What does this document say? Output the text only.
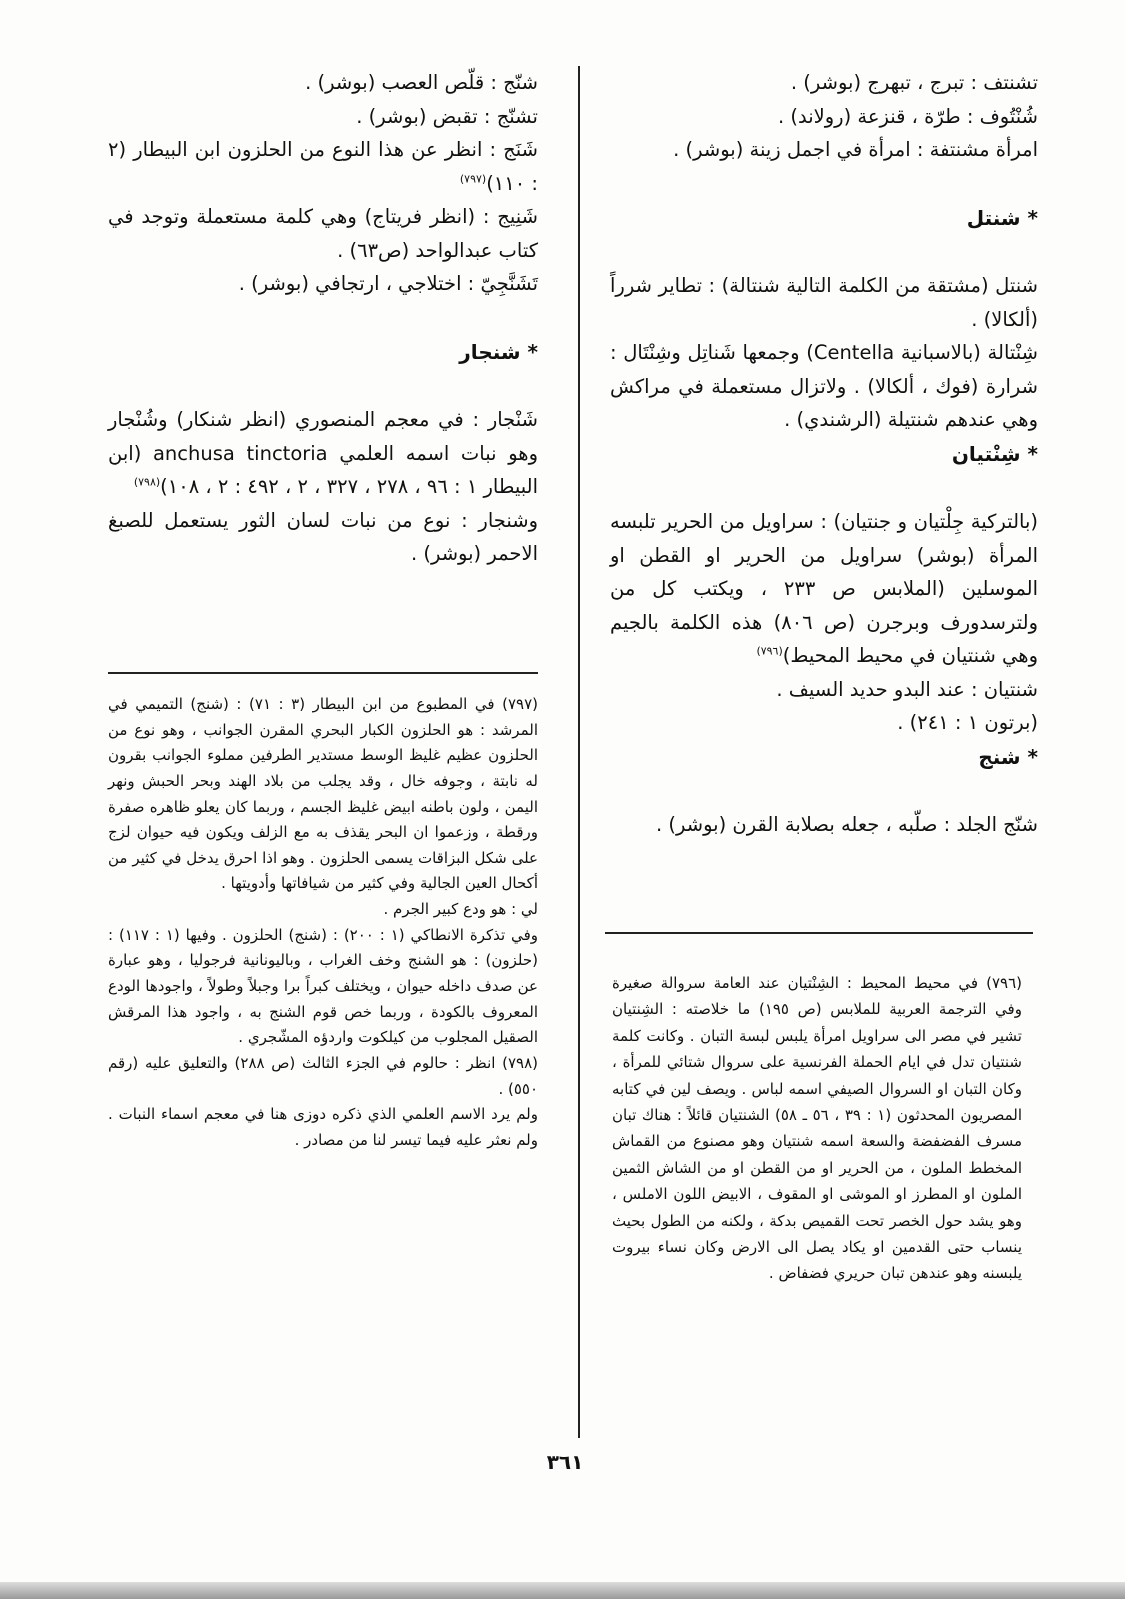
تشنتف : تبرج ، تبهرج (بوشر) .

شُنْتُوف : طرّة ، قنزعة (رولاند) .

امرأة مشنتفة : امرأة في اجمل زينة (بوشر) .

* شنتل

شنتل (مشتقة من الكلمة التالية شنتالة) : تطاير شرراً (ألكالا) .

شِنْتالة (بالاسبانية Centella) وجمعها شَناتِل وشِنْتَال : شرارة (فوك ، ألكالا) . ولاتزال مستعملة في مراكش وهي عندهم شنتيلة (الرشندي) .

* شِنْتيان

(بالتركية جِلْتيان و جنتيان) : سراويل من الحرير تلبسه المرأة (بوشر) سراويل من الحرير او القطن او الموسلين (الملابس ص ٢٣٣ ، ويكتب كل من ولترسدورف وبرجرن (ص ٨٠٦) هذه الكلمة بالجيم وهي شنتيان في محيط المحيط)$^{(٧٩٦)}$

شنتيان : عند البدو حديد السيف .

(برتون ١ : ٢٤١) .

* شنج

شنّج الجلد : صلّبه ، جعله بصلابة القرن (بوشر) .

(٧٩٦) في محيط المحيط : الشِنْتيان عند العامة سروالة صغيرة وفي الترجمة العربية للملابس (ص ١٩٥) ما خلاصته : الشِنتيان تشير في مصر الى سراويل امرأة يلبس لبسة التبان . وكانت كلمة شنتيان تدل في ايام الحملة الفرنسية على سروال شتائي للمرأة ، وكان التبان او السروال الصيفي اسمه لباس . ويصف لين في كتابه المصريون المحدثون (١ : ٣٩ ، ٥٦ ـ ٥٨) الشنتيان قائلاً : هناك تبان مسرف الفضفضة والسعة اسمه شنتيان وهو مصنوع من القماش المخطط الملون ، من الحرير او من القطن او من الشاش الثمين الملون او المطرز او الموشى او المقوف ، الابيض اللون الاملس ، وهو يشد حول الخصر تحت القميص بدكة ، ولكنه من الطول بحيث ينساب حتى القدمين او يكاد يصل الى الارض وكان نساء بيروت يلبسنه وهو عندهن تبان حريري فضفاض .

شنّج : قلّص العصب (بوشر) .

تشنّج : تقبض (بوشر) .

شَنَج : انظر عن هذا النوع من الحلزون ابن البيطار (٢ : ١١٠)$^{(٧٩٧)}$

شَنِيج : (انظر فريتاج) وهي كلمة مستعملة وتوجد في كتاب عبدالواحد (ص٦٣) .

تَشَنَّجِيّ : اختلاجي ، ارتجافي (بوشر) .

* شنجار

شَنْجار : في معجم المنصوري (انظر شنكار) وشُنْجار وهو نبات اسمه العلمي anchusa tinctoria (ابن البيطار ١ : ٩٦ ، ٢٧٨ ، ٣٢٧ ، ٢ ، ٤٩٢ : ٢ ، ١٠٨)$^{(٧٩٨)}$

وشنجار : نوع من نبات لسان الثور يستعمل للصبغ الاحمر (بوشر) .

(٧٩٧) في المطبوع من ابن البيطار (٣ : ٧١) : (شنج) التميمي في المرشد : هو الحلزون الكبار البحري المقرن الجوانب ، وهو نوع من الحلزون عظيم غليظ الوسط مستدير الطرفين مملوء الجوانب بقرون له نابتة ، وجوفه خال ، وقد يجلب من بلاد الهند وبحر الحبش ونهر اليمن ، ولون باطنه ابيض غليظ الجسم ، وربما كان يعلو ظاهره صفرة ورقطة ، وزعموا ان البحر يقذف به مع الزلف ويكون فيه حيوان لزج على شكل البزاقات يسمى الحلزون . وهو اذا احرق يدخل في كثير من أكحال العين الجالية وفي كثير من شيافاتها وأدويتها .

لي : هو ودع كبير الجرم .

وفي تذكرة الانطاكي (١ : ٢٠٠) : (شنج) الحلزون . وفيها (١ : ١١٧) : (حلزون) : هو الشنج وخف الغراب ، وباليونانية فرجوليا ، وهو عبارة عن صدف داخله حيوان ، ويختلف كبراً برا وجبلاً وطولاً ، واجودها الودع المعروف بالكودة ، وربما خص قوم الشنج به ، واجود هذا المرقش الصقيل المجلوب من كيلكوت واردؤه المشّجري .

(٧٩٨) انظر : حالوم في الجزء الثالث (ص ٢٨٨) والتعليق عليه (رقم ٥٥٠) .

ولم يرد الاسم العلمي الذي ذكره دوزى هنا في معجم اسماء النبات . ولم نعثر عليه فيما تيسر لنا من مصادر .

٣٦١
